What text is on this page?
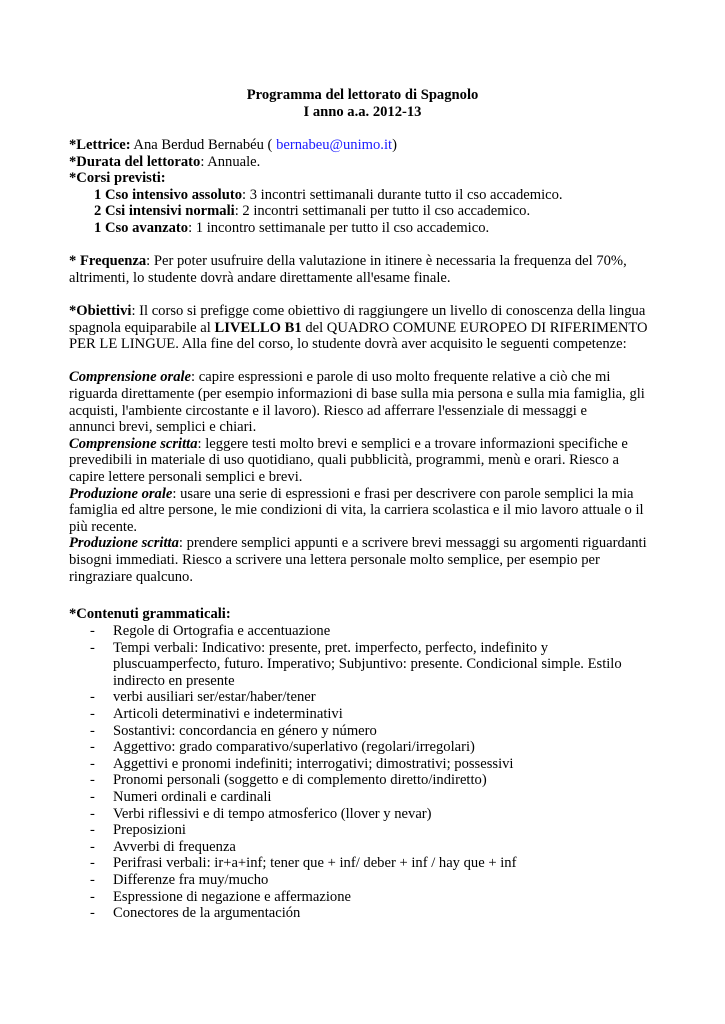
Programma del lettorato di Spagnolo
I anno a.a. 2012-13
*Lettrice: Ana Berdud Bernabéu ( bernabeu@unimo.it)
*Durata del lettorato: Annuale.
*Corsi previsti:
1 Cso intensivo assoluto: 3 incontri settimanali durante tutto il cso accademico.
2 Csi intensivi normali: 2 incontri settimanali per tutto il cso accademico.
1 Cso avanzato: 1 incontro settimanale per tutto il cso accademico.
* Frequenza: Per poter usufruire della valutazione in itinere è necessaria la frequenza del 70%,
altrimenti, lo studente dovrà andare direttamente allꞌesame finale.
*Obiettivi: Il corso si prefigge come obiettivo di raggiungere un livello di conoscenza della lingua
spagnola equiparabile al LIVELLO B1 del QUADRO COMUNE EUROPEO DI RIFERIMENTO
PER LE LINGUE. Alla fine del corso, lo studente dovrà aver acquisito le seguenti competenze:
Comprensione orale: capire espressioni e parole di uso molto frequente relative a ciò che mi
riguarda direttamente (per esempio informazioni di base sulla mia persona e sulla mia famiglia, gli
acquisti, lꞌambiente circostante e il lavoro). Riesco ad afferrare lꞌessenziale di messaggi e
annunci brevi, semplici e chiari.
Comprensione scritta: leggere testi molto brevi e semplici e a trovare informazioni specifiche e
prevedibili in materiale di uso quotidiano, quali pubblicità, programmi, menù e orari. Riesco a
capire lettere personali semplici e brevi.
Produzione orale: usare una serie di espressioni e frasi per descrivere con parole semplici la mia
famiglia ed altre persone, le mie condizioni di vita, la carriera scolastica e il mio lavoro attuale o il
più recente.
Produzione scritta: prendere semplici appunti e a scrivere brevi messaggi su argomenti riguardanti
bisogni immediati. Riesco a scrivere una lettera personale molto semplice, per esempio per
ringraziare qualcuno.
*Contenuti grammaticali:
- Regole di Ortografia e accentuazione
- Tempi verbali: Indicativo: presente, pret. imperfecto, perfecto, indefinito y
pluscuamperfecto, futuro. Imperativo; Subjuntivo: presente. Condicional simple. Estilo
indirecto en presente
- verbi ausiliari ser/estar/haber/tener
- Articoli determinativi e indeterminativi
- Sostantivi: concordancia en género y número
- Aggettivo: grado comparativo/superlativo (regolari/irregolari)
- Aggettivi e pronomi indefiniti; interrogativi; dimostrativi; possessivi
- Pronomi personali (soggetto e di complemento diretto/indiretto)
- Numeri ordinali e cardinali
- Verbi riflessivi e di tempo atmosferico (llover y nevar)
- Preposizioni
- Avverbi di frequenza
- Perifrasi verbali: ir+a+inf; tener que + inf/ deber + inf / hay que + inf
- Differenze fra muy/mucho
- Espressione di negazione e affermazione
- Conectores de la argumentación
